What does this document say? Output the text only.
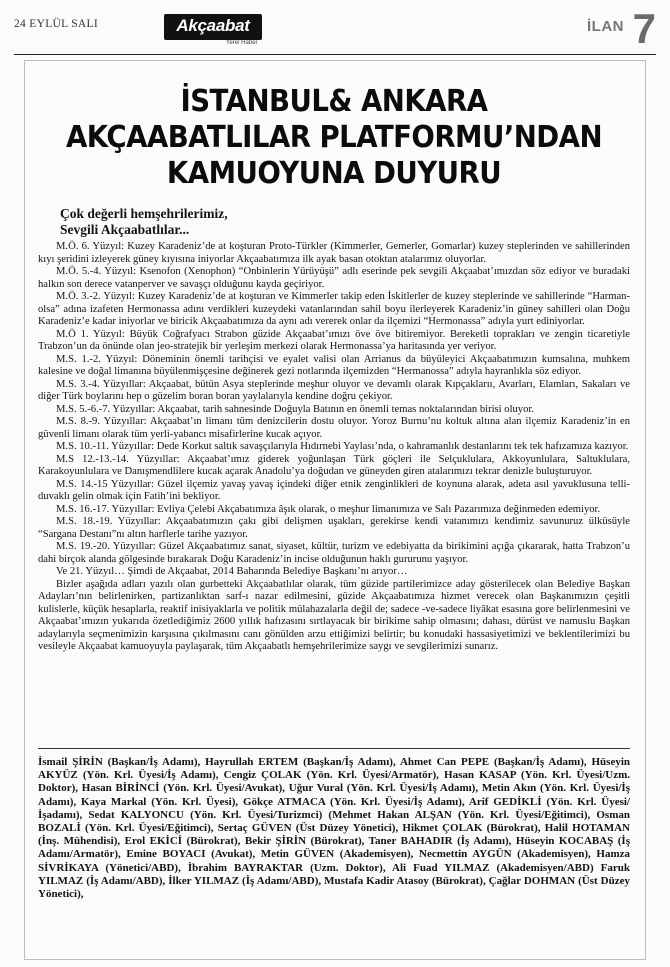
24 EYLÜL SALI	Akçaabat
Yerel Haber
İLAN 7
İSTANBUL& ANKARA
AKÇAABATLILAR PLATFORMU’NDAN
KAMUOYUNA DUYURU
Çok değerli hemşehrilerimiz,
Sevgili Akçaabatlılar...

M.Ö. 6. Yüzyıl: Kuzey Karadeniz’de at koşturan Proto-Türkler (Kimmerler, Gemerler, Gomarlar) kuzey steplerinden ve sahillerinden kıyı şeridini izleyerek güney kıyısına iniyorlar Akçaabatımıza ilk ayak basan otoktan atalarımız oluyorlar.

M.Ö. 5.-4. Yüzyıl: Ksenofon (Xenophon) “Onbinlerin Yürüyüşü” adlı eserinde pek sevgili Akçaabat’ımızdan söz ediyor ve buradaki halkın son derece vatanperver ve savaşçı olduğunu kayda geçiriyor.

M.Ö. 3.-2. Yüzyıl: Kuzey Karadeniz’de at koşturan ve Kimmerler takip eden İskitlerler de kuzey steplerinde ve sahillerinde “Harman-olsa” adına izafeten Hermonassa adını verdikleri kuzeydeki vatanlarından sahil boyu ilerleyerek Karadeniz’in güney sahilleri olan Doğu Karadeniz’e kadar iniyorlar ve biricik Akçaabatımıza da aynı adı vererek onlar da ilçemizi “Hermonassa” adıyla yurt ediniyorlar.

M.Ö 1. Yüzyıl: Büyük Coğrafyacı Strabon güzide Akçaabat’ımızı öve öve bitiremiyor. Bereketli toprakları ve zengin ticaretiyle Trabzon’un da önünde olan jeo-stratejik bir yerleşim merkezi olarak Hermonassa’ya haritasında yer veriyor.

M.S. 1.-2. Yüzyıl: Döneminin önemli tarihçisi ve eyalet valisi olan Arrianus da büyüleyici Akçaabatımızın kumsalına, muhkem kalesine ve doğal limanına büyülenmişçesine değinerek gezi notlarında ilçemizden “Hermanossa” adıyla hayranlıkla söz ediyor.

M.S. 3.-4. Yüzyıllar: Akçaabat, bütün Asya steplerinde meşhur oluyor ve devamlı olarak Kıpçaklarıı, Avarları, Elamları, Sakaları ve diğer Türk boylarını hep o güzelim boran boran yaylalarıyla kendine doğru çekiyor.

M.S. 5.-6.-7. Yüzyıllar: Akçaabat, tarih sahnesinde Doğuyla Batının en önemli temas noktalarından birisi oluyor.

M.S. 8.-9. Yüzyıllar: Akçaabat’ın limanı tüm denizcilerin dostu oluyor. Yoroz Burnu’nu koltuk altına alan ilçemiz Karadeniz’in en güvenli limanı olarak tüm yerli-yabancı misafirlerine kucak açıyor.

M.S. 10.-11. Yüzyıllar: Dede Korkut saltık savaşçılarıyla Hıdırnebi Yaylası’nda, o kahramanlık destanlarını tek tek hafızamıza kazıyor.

M.S 12.-13.-14. Yüzyıllar: Akçaabat’ımız giderek yoğunlaşan Türk göçleri ile Selçuklulara, Akkoyunlulara, Saltuklulara, Karakoyunlulara ve Danışmendlilere kucak açarak Anadolu’ya doğudan ve güneyden giren atalarımızı tekrar denizle buluşturuyor.

M.S. 14.-15 Yüzyıllar: Güzel ilçemiz yavaş yavaş içindeki diğer etnik zenginlikleri de koynuna alarak, adeta asıl yavuklusuna telli-duvaklı gelin olmak için Fatih’ini bekliyor.

M.S. 16.-17. Yüzyıllar: Evliya Çelebi Akçabatımıza âşık olarak, o meşhur limanımıza ve Salı Pazarımıza değinmeden edemiyor.

M.S. 18.-19. Yüzyıllar: Akçaabatımızın çakı gibi delişmen uşakları, gerekirse kendi vatanımızı kendimiz savunuruz ülküsüyle “Sargana Destanı”nı altın harflerle tarihe yazıyor.

M.S. 19.-20. Yüzyıllar: Güzel Akçaabatımız sanat, siyaset, kültür, turizm ve edebiyatta da birikimini açığa çıkararak, hatta Trabzon’u dahi birçok alanda gölgesinde bırakarak Doğu Karadeniz’in incise olduğunun haklı gururunu yaşıyor.

Ve 21. Yüzyıl… Şimdi de Akçaabat, 2014 Baharında Belediye Başkanı’nı arıyor…

Bizler aşağıda adları yazılı olan gurbetteki Akçaabatlılar olarak, tüm güzide partilerimizce aday gösterilecek olan Belediye Başkan Adayları’nın belirlenirken, partizanlıktan sarf-ı nazar edilmesini, güzide Akçaabatımıza hizmet verecek olan Başkanımızın çeşitli kulislerle, küçük hesaplarla, reaktif inisiyaklarla ve politik mülahazalarla değil de; sadece -ve-sadece liyâkat esasına gore belirlenmesini ve Akçaabat’ımızın yukarıda özetlediğimiz 2600 yıllık hafızasını sırtlayacak bir birikime sahip olmasını; dahası, dürüst ve namuslu Başkan adaylarıyla seçmenimizin karşısına çıkılmasını canı gönülden arzu ettiğimizi belirtir; bu konudaki hassasiyetimizi ve beklentilerimizi bu vesileyle Akçaabat kamuoyuyla paylaşarak, tüm Akçaabatlı hemşehrilerimize saygı ve sevgilerimizi sunarız.

İsmail ŞİRİN (Başkan/İş Adamı), Hayrullah ERTEM (Başkan/İş Adamı), Ahmet Can PEPE (Başkan/İş Adamı), Hüseyin AKYÜZ (Yön. Krl. Üyesi/İş Adamı), Cengiz ÇOLAK (Yön. Krl. Üyesi/Armatör), Hasan KASAP (Yön. Krl. Üyesi/Uzm. Doktor), Hasan BİRİNCİ (Yön. Krl. Üyesi/Avukat), Uğur Vural (Yön. Krl. Üyesi/İş Adamı), Metin Akın (Yön. Krl. Üyesi/İş Adamı), Kaya Markal (Yön. Krl. Üyesi), Gökçe ATMACA (Yön. Krl. Üyesi/İş Adamı), Arif GEDİKLİ (Yön. Krl. Üyesi/İşadamı), Sedat KALYONCU (Yön. Krl. Üyesi/Turizmci) (Mehmet Hakan ALŞAN (Yön. Krl. Üyesi/Eğitimci), Osman BOZALİ (Yön. Krl. Üyesi/Eğitimci), Sertaç GÜVEN (Üst Düzey Yönetici), Hikmet ÇOLAK (Bürokrat), Halil HOTAMAN (İnş. Mühendisi), Erol EKİCİ (Bürokrat), Bekir ŞİRİN (Bürokrat), Taner BAHADIR (İş Adamı), Hüseyin KOCABAŞ (İş Adamı/Armatör), Emine BOYACI (Avukat), Metin GÜVEN (Akademisyen), Necmettin AYGÜN (Akademisyen), Hamza SİVRİKAYA (Yönetici/ABD), İbrahim BAYRAKTAR (Uzm. Doktor), Ali Fuad YILMAZ (Akademisyen/ABD) Faruk YILMAZ (İş Adamı/ABD), İlker YILMAZ (İş Adamı/ABD), Mustafa Kadir Atasoy (Bürokrat), Çağlar DOHMAN (Üst Düzey Yönetici),
